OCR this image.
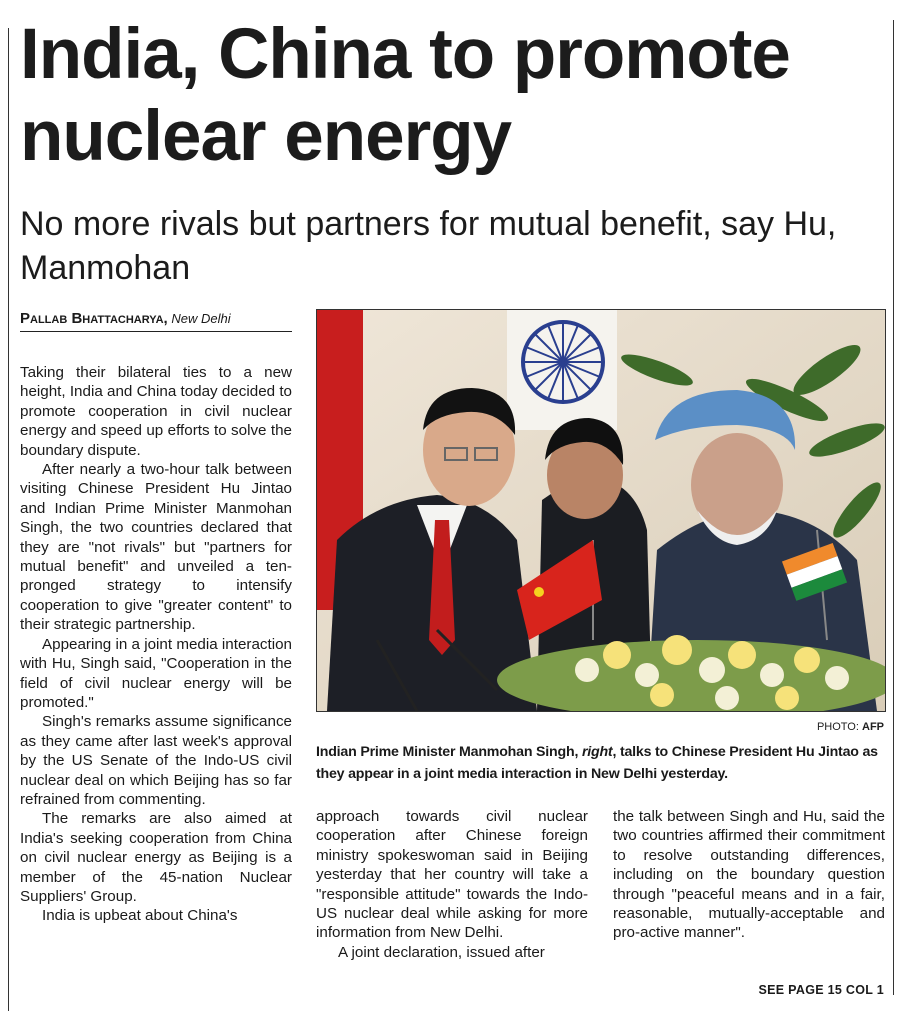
India, China to promote nuclear energy
No more rivals but partners for mutual benefit, say Hu, Manmohan
Pallab Bhattacharya, New Delhi

Taking their bilateral ties to a new height, India and China today decided to promote cooperation in civil nuclear energy and speed up efforts to solve the boundary dispute.

After nearly a two-hour talk between visiting Chinese President Hu Jintao and Indian Prime Minister Manmohan Singh, the two countries declared that they are "not rivals" but "partners for mutual benefit" and unveiled a ten-pronged strategy to intensify cooperation to give "greater content" to their strategic partnership.

Appearing in a joint media interaction with Hu, Singh said, "Cooperation in the field of civil nuclear energy will be promoted."

Singh's remarks assume significance as they came after last week's approval by the US Senate of the Indo-US civil nuclear deal on which Beijing has so far refrained from commenting.

The remarks are also aimed at India's seeking cooperation from China on civil nuclear energy as Beijing is a member of the 45-nation Nuclear Suppliers' Group.

India is upbeat about China's

PHOTO: AFP
Indian Prime Minister Manmohan Singh, right, talks to Chinese President Hu Jintao as they appear in a joint media interaction in New Delhi yesterday.

approach towards civil nuclear cooperation after Chinese foreign ministry spokeswoman said in Beijing yesterday that her country will take a "responsible attitude" towards the Indo-US nuclear deal while asking for more information from New Delhi.

A joint declaration, issued after

the talk between Singh and Hu, said the two countries affirmed their commitment to resolve outstanding differences, including on the boundary question through "peaceful means and in a fair, reasonable, mutually-acceptable and pro-active manner".

SEE PAGE 15 COL 1
